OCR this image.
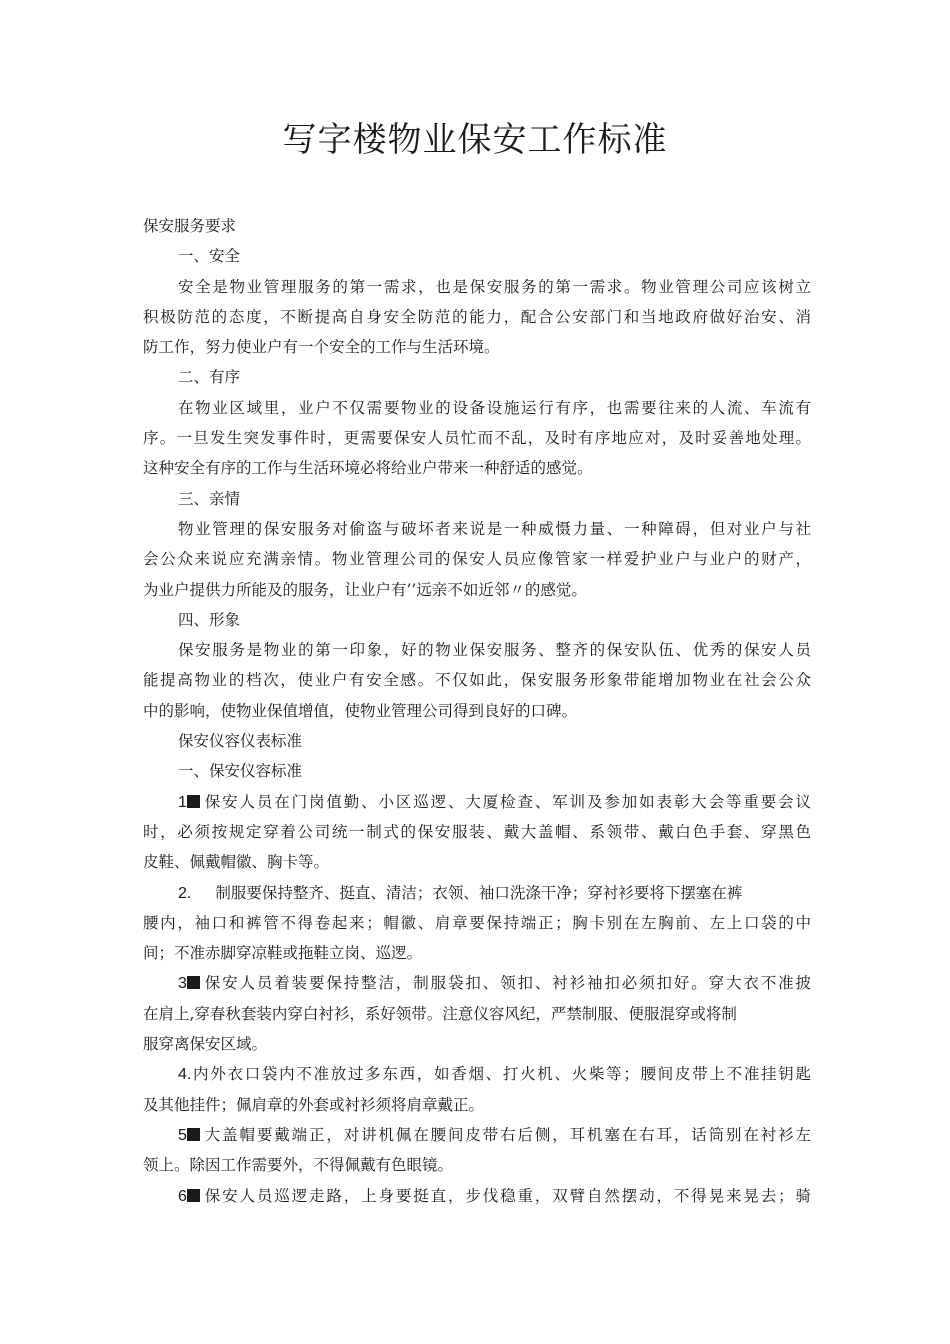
写字楼物业保安工作标准
保安服务要求
一、安全
安全是物业管理服务的第一需求，也是保安服务的第一需求。物业管理公司应该树立
积极防范的态度，不断提高自身安全防范的能力，配合公安部门和当地政府做好治安、消
防工作，努力使业户有一个安全的工作与生活环境。
二、有序
在物业区域里，业户不仅需要物业的设备设施运行有序，也需要往来的人流、车流有
序。一旦发生突发事件时，更需要保安人员忙而不乱，及时有序地应对，及时妥善地处理。
这种安全有序的工作与生活环境必将给业户带来一种舒适的感觉。
三、亲情
物业管理的保安服务对偷盗与破坏者来说是一种威慑力量、一种障碍，但对业户与社
会公众来说应充满亲情。物业管理公司的保安人员应像管家一样爱护业户与业户的财产，
为业户提供力所能及的服务，让业户有’’远亲不如近邻〃的感觉。
四、形象
保安服务是物业的第一印象，好的物业保安服务、整齐的保安队伍、优秀的保安人员
能提高物业的档次，使业户有安全感。不仅如此，保安服务形象带能增加物业在社会公众
中的影响，使物业保值增值，使物业管理公司得到良好的口碑。
保安仪容仪表标准
一、保安仪容标准
1 保安人员在门岗值勤、小区巡逻、大厦检查、军训及参加如表彰大会等重要会议
时，必须按规定穿着公司统一制式的保安服装、戴大盖帽、系领带、戴白色手套、穿黑色
皮鞋、佩戴帽徽、胸卡等。
2. 制服要保持整齐、挺直、清洁；衣领、袖口洗涤干净；穿衬衫要将下摆塞在裤
腰内，袖口和裤管不得卷起来；帽徽、肩章要保持端正；胸卡别在左胸前、左上口袋的中
间；不准赤脚穿凉鞋或拖鞋立岗、巡逻。
3 保安人员着装要保持整洁，制服袋扣、领扣、衬衫袖扣必须扣好。穿大衣不准披
在肩上,穿春秋套装内穿白衬衫，系好领带。注意仪容风纪，严禁制服、便服混穿或将制
服穿离保安区域。
4.内外衣口袋内不准放过多东西，如香烟、打火机、火柴等；腰间皮带上不准挂钥匙
及其他挂件；佩肩章的外套或衬衫须将肩章戴正。
5 大盖帽要戴端正，对讲机佩在腰间皮带右后侧，耳机塞在右耳，话筒别在衬衫左
领上。除因工作需要外，不得佩戴有色眼镜。
6 保安人员巡逻走路，上身要挺直，步伐稳重，双臂自然摆动，不得晃来晃去；骑
